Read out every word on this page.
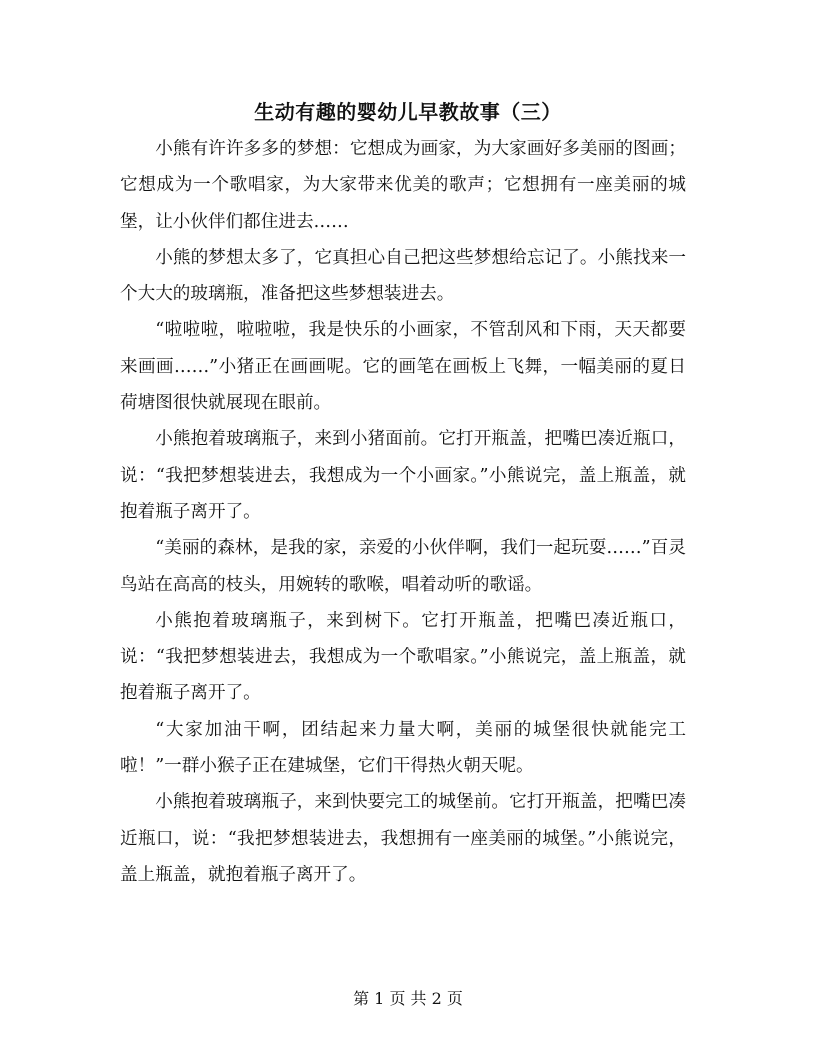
生动有趣的婴幼儿早教故事（三）

小熊有许许多多的梦想：它想成为画家，为大家画好多美丽的图画；它想成为一个歌唱家，为大家带来优美的歌声；它想拥有一座美丽的城堡，让小伙伴们都住进去……

小熊的梦想太多了，它真担心自己把这些梦想给忘记了。小熊找来一个大大的玻璃瓶，准备把这些梦想装进去。

“啦啦啦，啦啦啦，我是快乐的小画家，不管刮风和下雨，天天都要来画画……”小猪正在画画呢。它的画笔在画板上飞舞，一幅美丽的夏日荷塘图很快就展现在眼前。

小熊抱着玻璃瓶子，来到小猪面前。它打开瓶盖，把嘴巴凑近瓶口，说：“我把梦想装进去，我想成为一个小画家。”小熊说完，盖上瓶盖，就抱着瓶子离开了。

“美丽的森林，是我的家，亲爱的小伙伴啊，我们一起玩耍……”百灵鸟站在高高的枝头，用婉转的歌喉，唱着动听的歌谣。

小熊抱着玻璃瓶子，来到树下。它打开瓶盖，把嘴巴凑近瓶口，说：“我把梦想装进去，我想成为一个歌唱家。”小熊说完，盖上瓶盖，就抱着瓶子离开了。

“大家加油干啊，团结起来力量大啊，美丽的城堡很快就能完工啦！”一群小猴子正在建城堡，它们干得热火朝天呢。

小熊抱着玻璃瓶子，来到快要完工的城堡前。它打开瓶盖，把嘴巴凑近瓶口，说：“我把梦想装进去，我想拥有一座美丽的城堡。”小熊说完，盖上瓶盖，就抱着瓶子离开了。

第 1 页 共 2 页
